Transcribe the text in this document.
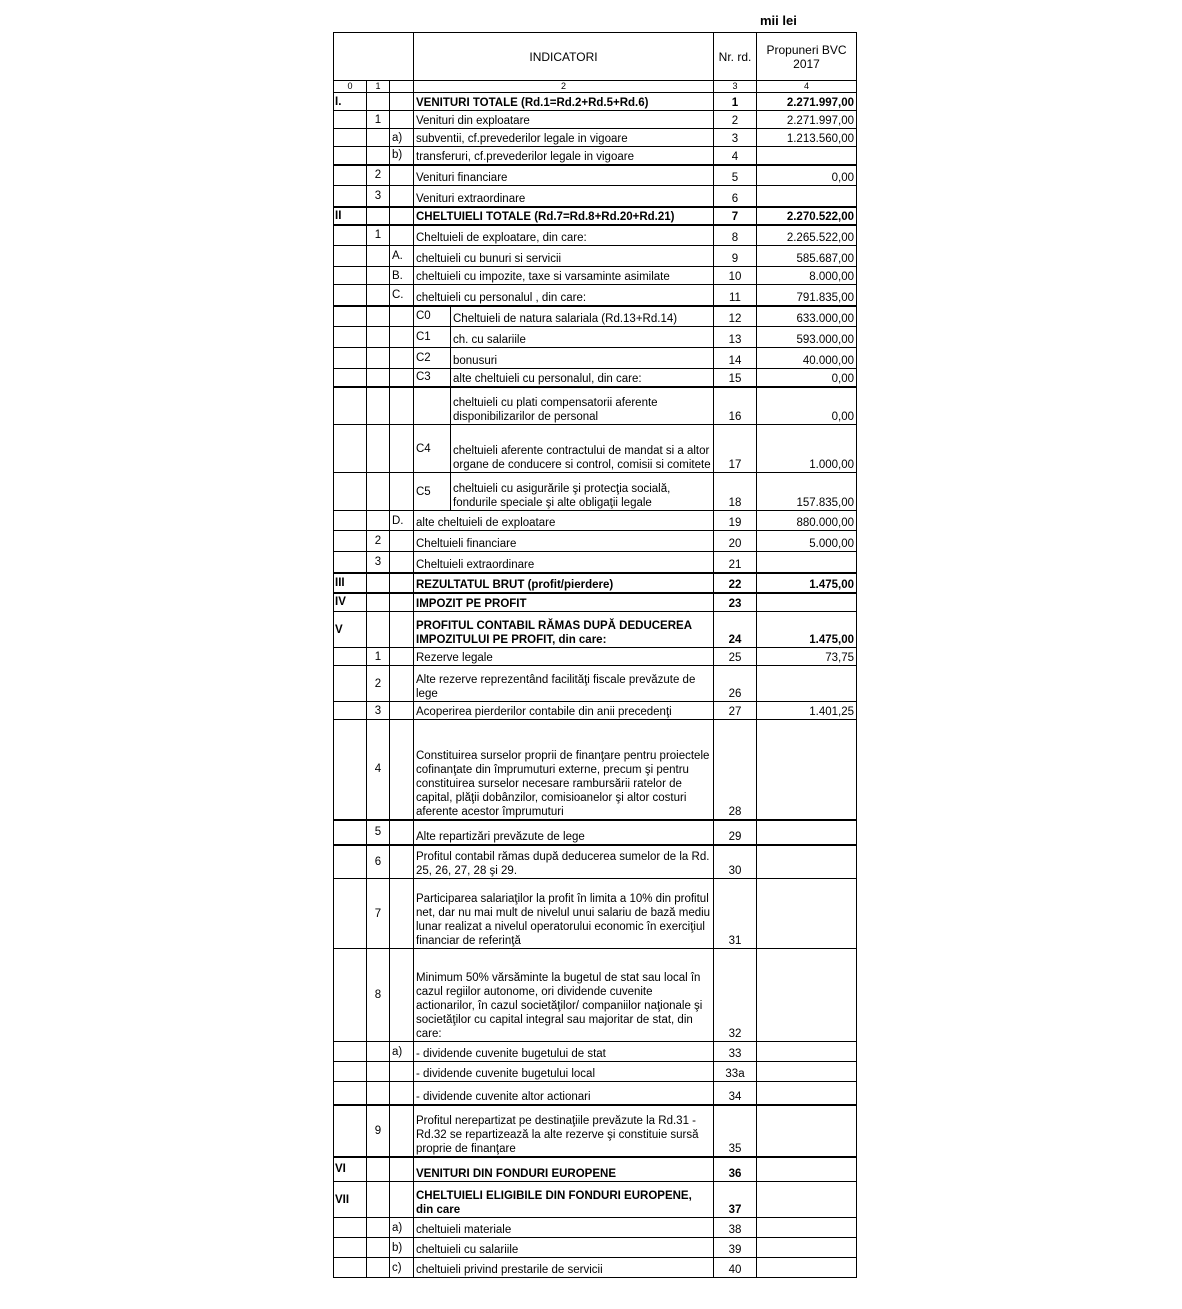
mii lei
			INDICATORI		Nr. rd.	Propuneri BVC 2017
0	1		2		3	4
I.			VENITURI TOTALE (Rd.1=Rd.2+Rd.5+Rd.6)		1	2.271.997,00
	1		Venituri din exploatare		2	2.271.997,00
		a)	subventii, cf.prevederilor legale in vigoare		3	1.213.560,00
		b)	transferuri, cf.prevederilor legale in vigoare		4	
	2		Venituri financiare		5	0,00
	3		Venituri extraordinare		6	
II			CHELTUIELI TOTALE (Rd.7=Rd.8+Rd.20+Rd.21)		7	2.270.522,00
	1		Cheltuieli de exploatare, din care:		8	2.265.522,00
		A.	cheltuieli cu bunuri si servicii		9	585.687,00
		B.	cheltuieli cu impozite, taxe si varsaminte asimilate		10	8.000,00
		C.	cheltuieli cu personalul , din care:		11	791.835,00
			C0	Cheltuieli de natura salariala (Rd.13+Rd.14)	12	633.000,00
			C1	ch. cu salariile	13	593.000,00
			C2	bonusuri	14	40.000,00
			C3	alte cheltuieli cu personalul, din care:	15	0,00
				cheltuieli cu plati compensatorii aferente disponibilizarilor de personal	16	0,00
			C4	cheltuieli aferente contractului de mandat si a altor organe de conducere si control, comisii si comitete	17	1.000,00
			C5	cheltuieli cu asigurările şi protecţia socială, fondurile speciale şi alte obligaţii legale	18	157.835,00
		D.	alte cheltuieli de exploatare		19	880.000,00
	2		Cheltuieli financiare		20	5.000,00
	3		Cheltuieli extraordinare		21	
III			REZULTATUL BRUT (profit/pierdere)		22	1.475,00
IV			IMPOZIT PE PROFIT		23	
V			PROFITUL CONTABIL RĂMAS DUPĂ DEDUCEREA IMPOZITULUI PE PROFIT, din care:		24	1.475,00
	1		Rezerve legale		25	73,75
	2		Alte rezerve reprezentând facilităţi fiscale prevăzute de lege		26	
	3		Acoperirea pierderilor contabile din anii precedenţi		27	1.401,25
	4		Constituirea surselor proprii de finanţare pentru proiectele cofinanţate din împrumuturi externe, precum şi pentru constituirea surselor necesare rambursării ratelor de capital, plăţii dobânzilor, comisioanelor şi altor costuri aferente acestor împrumuturi		28	
	5		Alte repartizări prevăzute de lege		29	
	6		Profitul contabil rămas după deducerea sumelor de la Rd. 25, 26, 27, 28 şi 29.		30	
	7		Participarea salariaţilor la profit în limita a 10% din profitul net, dar nu mai mult de nivelul unui salariu de bază mediu lunar realizat a nivelul operatorului economic în exerciţiul financiar de referinţă		31	
	8		Minimum 50% vărsăminte la bugetul de stat sau local în cazul regiilor autonome, ori dividende cuvenite actionarilor, în cazul societăţilor/ companiilor naţionale şi societăţilor cu capital integral sau majoritar de stat, din care:		32	
		a)	- dividende cuvenite bugetului de stat		33	
			- dividende cuvenite bugetului local		33a	
			- dividende cuvenite altor actionari		34	
	9		Profitul nerepartizat pe destinaţiile prevăzute la Rd.31 - Rd.32 se repartizează la alte rezerve şi constituie sursă proprie de finanţare		35	
VI			VENITURI DIN FONDURI EUROPENE		36	
VII			CHELTUIELI ELIGIBILE DIN FONDURI EUROPENE, din care		37	
		a)	cheltuieli materiale		38	
		b)	cheltuieli cu salariile		39	
		c)	cheltuieli privind prestarile de servicii		40	
